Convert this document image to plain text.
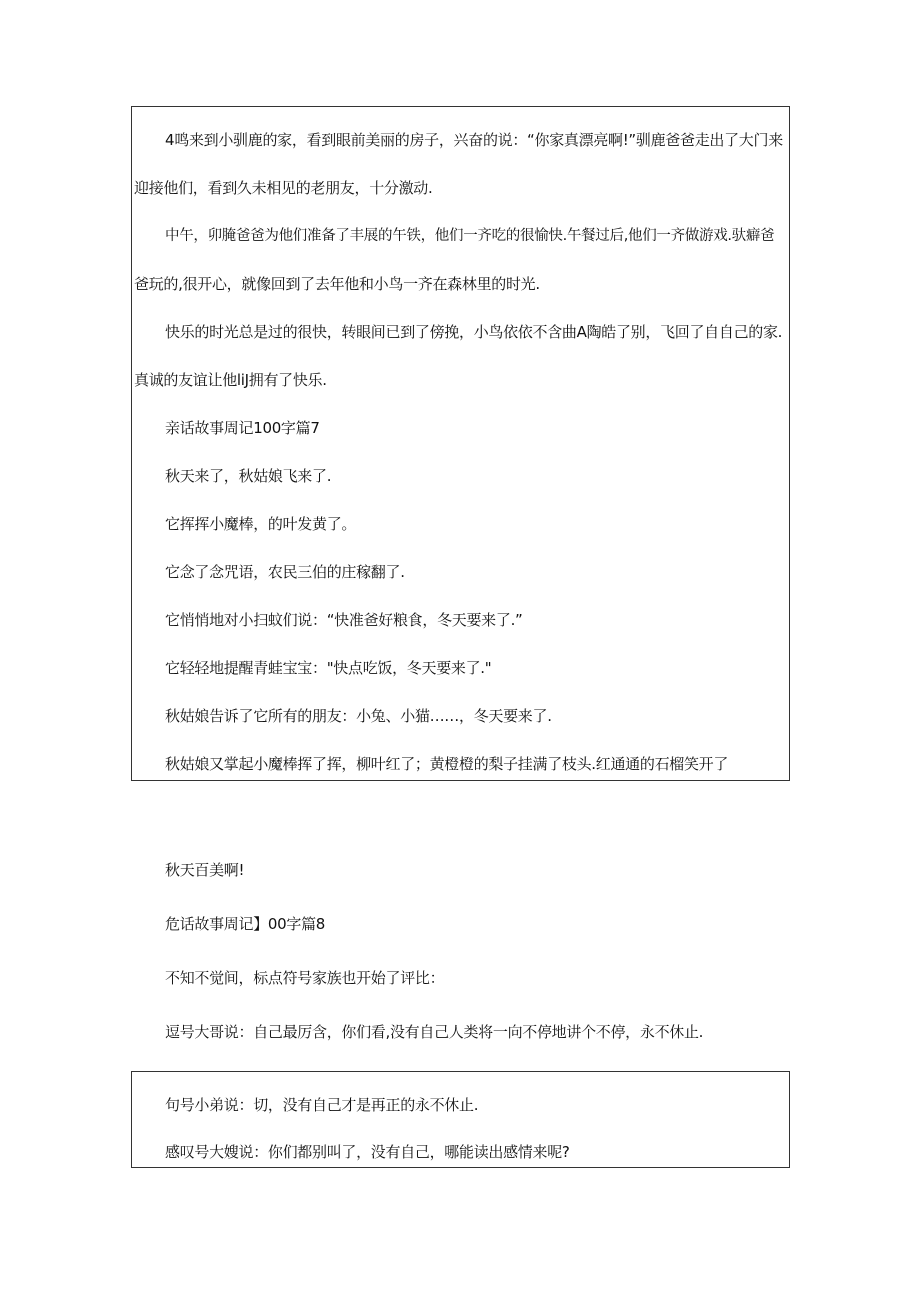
4鸣来到小驯鹿的家，看到眼前美丽的房子，兴奋的说：“你家真漂亮啊!”驯鹿爸爸走出了大门来
迎接他们，看到久未相见的老朋友，十分激动.
中午，卯腌爸爸为他们准备了丰展的午铁，他们一齐吃的很愉快.午餐过后,他们一齐做游戏.驮癖爸
爸玩的,很开心，就像回到了去年他和小鸟一齐在森林里的时光.
快乐的时光总是过的很快，转眼间已到了傍挽，小鸟依依不含曲A陶皓了别，飞回了自自己的家.
真诚的友谊让他liJ拥有了快乐.
亲话故事周记100字篇7
秋天来了，秋姑娘飞来了.
它挥挥小魔棒，的叶发黄了。
它念了念咒语，农民三伯的庄稼翻了.
它悄悄地对小扫蚊们说：“快准爸好粮食，冬天要来了.”
它轻轻地提醒青蛙宝宝："快点吃饭，冬天要来了."
秋姑娘告诉了它所有的朋友：小兔、小猫……，冬天要来了.
秋姑娘又掌起小魔棒挥了挥，柳叶红了；黄橙橙的梨子挂满了枝头.红通通的石榴笑开了
秋天百美啊!
危话故事周记】00字篇8
不知不觉间，标点符号家族也开始了评比：
逗号大哥说：自己最厉含，你们看,没有自己人类将一向不停地讲个不停，永不休止.
句号小弟说：切，没有自己才是再正的永不休止.
感叹号大嫂说：你们都别叫了，没有自己，哪能读出感情来呢?
